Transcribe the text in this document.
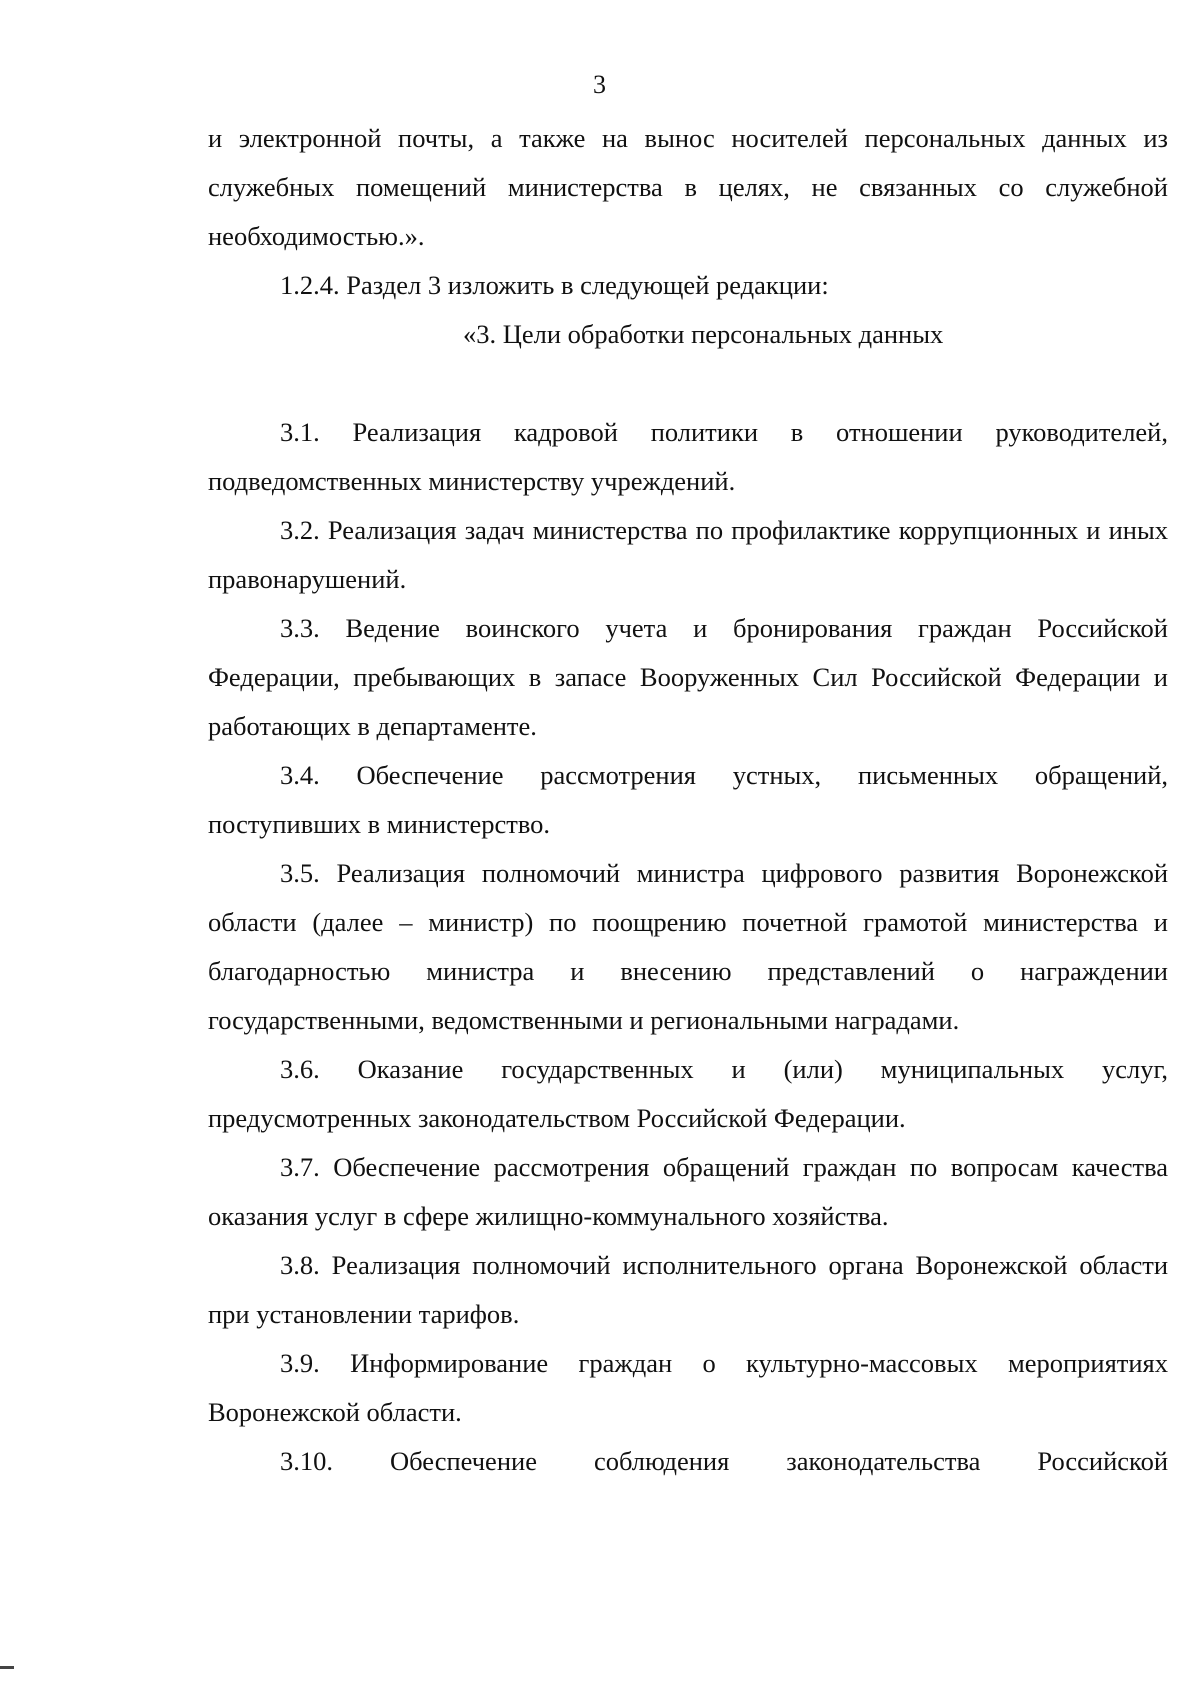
3

и электронной почты, а также на вынос носителей персональных данных из служебных помещений министерства в целях, не связанных со служебной необходимостью.».

1.2.4. Раздел 3 изложить в следующей редакции:

«3. Цели обработки персональных данных

3.1. Реализация кадровой политики в отношении руководителей, подведомственных министерству учреждений.

3.2. Реализация задач министерства по профилактике коррупционных и иных правонарушений.

3.3. Ведение воинского учета и бронирования граждан Российской Федерации, пребывающих в запасе Вооруженных Сил Российской Федерации и работающих в департаменте.

3.4. Обеспечение рассмотрения устных, письменных обращений, поступивших в министерство.

3.5. Реализация полномочий министра цифрового развития Воронежской области (далее – министр) по поощрению почетной грамотой министерства и благодарностью министра и внесению представлений о награждении государственными, ведомственными и региональными наградами.

3.6. Оказание государственных и (или) муниципальных услуг, предусмотренных законодательством Российской Федерации.

3.7. Обеспечение рассмотрения обращений граждан по вопросам качества оказания услуг в сфере жилищно-коммунального хозяйства.

3.8. Реализация полномочий исполнительного органа Воронежской области при установлении тарифов.

3.9. Информирование граждан о культурно-массовых мероприятиях Воронежской области.

3.10. Обеспечение соблюдения законодательства Российской
